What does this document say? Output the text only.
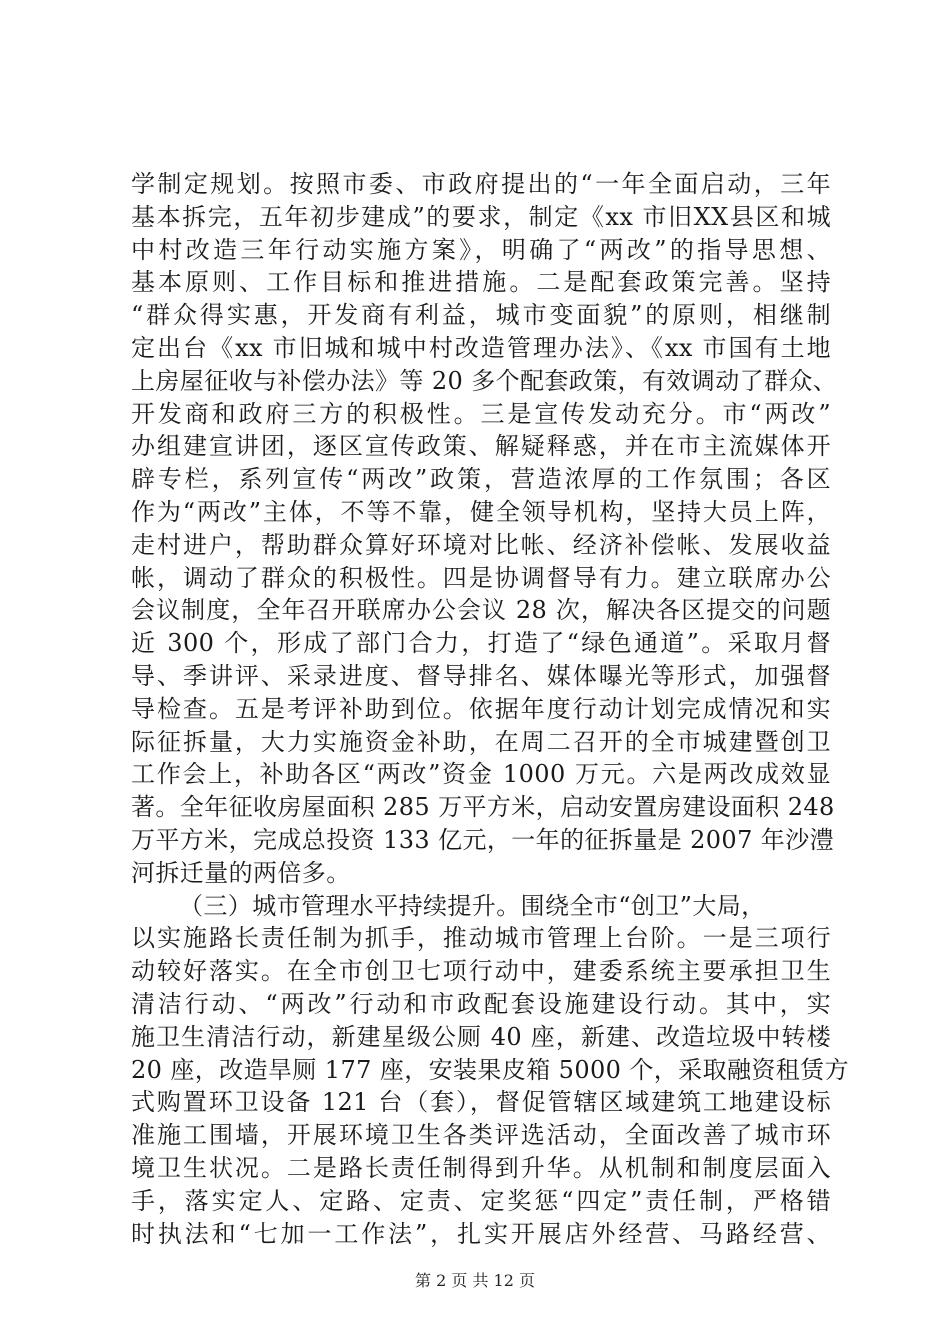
学制定规划。按照市委、市政府提出的“一年全面启动，三年
基本拆完，五年初步建成”的要求，制定《xx 市旧XX县区和城
中村改造三年行动实施方案》，明确了“两改”的指导思想、
基本原则、工作目标和推进措施。二是配套政策完善。坚持
“群众得实惠，开发商有利益，城市变面貌”的原则，相继制
定出台《xx 市旧城和城中村改造管理办法》、《xx 市国有土地
上房屋征收与补偿办法》等 20 多个配套政策，有效调动了群众、
开发商和政府三方的积极性。三是宣传发动充分。市“两改”
办组建宣讲团，逐区宣传政策、解疑释惑，并在市主流媒体开
辟专栏，系列宣传“两改”政策，营造浓厚的工作氛围；各区
作为“两改”主体，不等不靠，健全领导机构，坚持大员上阵，
走村进户，帮助群众算好环境对比帐、经济补偿帐、发展收益
帐，调动了群众的积极性。四是协调督导有力。建立联席办公
会议制度，全年召开联席办公会议 28 次，解决各区提交的问题
近 300 个，形成了部门合力，打造了“绿色通道”。采取月督
导、季讲评、采录进度、督导排名、媒体曝光等形式，加强督
导检查。五是考评补助到位。依据年度行动计划完成情况和实
际征拆量，大力实施资金补助，在周二召开的全市城建暨创卫
工作会上，补助各区“两改”资金 1000 万元。六是两改成效显
著。全年征收房屋面积 285 万平方米，启动安置房建设面积 248
万平方米，完成总投资 133 亿元，一年的征拆量是 2007 年沙澧
河拆迁量的两倍多。
（三）城市管理水平持续提升。围绕全市“创卫”大局，
以实施路长责任制为抓手，推动城市管理上台阶。一是三项行
动较好落实。在全市创卫七项行动中，建委系统主要承担卫生
清洁行动、“两改”行动和市政配套设施建设行动。其中，实
施卫生清洁行动，新建星级公厕 40 座，新建、改造垃圾中转楼
20 座，改造旱厕 177 座，安装果皮箱 5000 个，采取融资租赁方
式购置环卫设备 121 台（套），督促管辖区域建筑工地建设标
准施工围墙，开展环境卫生各类评选活动，全面改善了城市环
境卫生状况。二是路长责任制得到升华。从机制和制度层面入
手，落实定人、定路、定责、定奖惩“四定”责任制，严格错
时执法和“七加一工作法”，扎实开展店外经营、马路经营、
第 2 页 共 12 页
